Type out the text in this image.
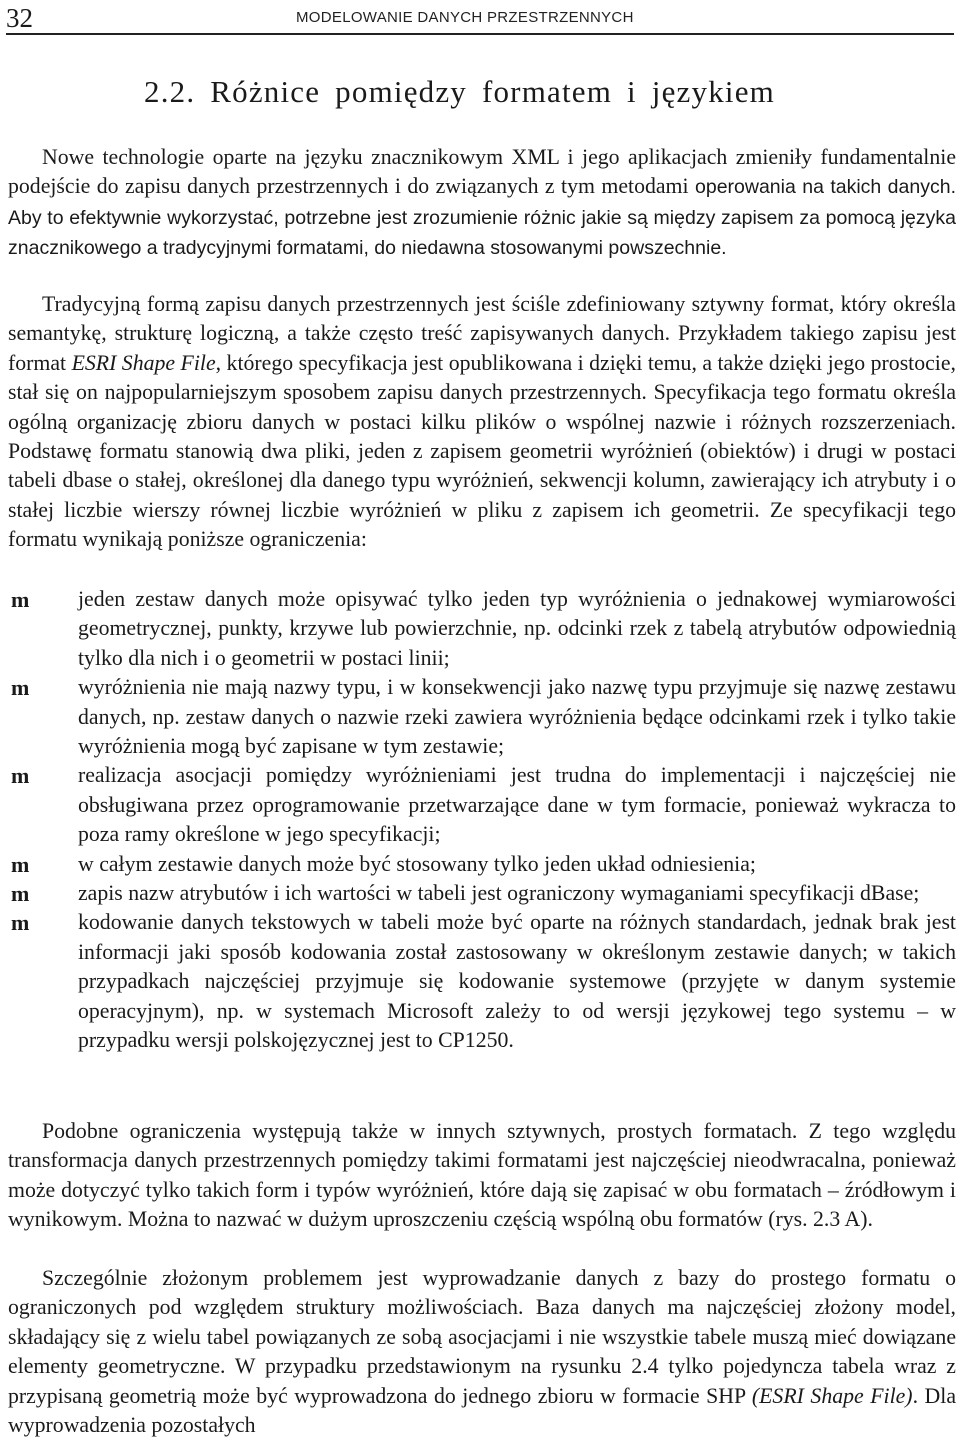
32	MODELOWANIE DANYCH PRZESTRZENNYCH
2.2. Różnice pomiędzy formatem i językiem

Nowe technologie oparte na języku znacznikowym XML i jego aplikacjach zmieniły fundamentalnie podejście do zapisu danych przestrzennych i do związanych z tym metodami operowania na takich danych. Aby to efektywnie wykorzystać, potrzebne jest zrozumienie różnic jakie są między zapisem za pomocą języka znacznikowego a tradycyjnymi formatami, do niedawna stosowanymi powszechnie.

Tradycyjną formą zapisu danych przestrzennych jest ściśle zdefiniowany sztywny format, który określa semantykę, strukturę logiczną, a także często treść zapisywanych danych. Przykładem takiego zapisu jest format ESRI Shape File, którego specyfikacja jest opublikowana i dzięki temu, a także dzięki jego prostocie, stał się on najpopularniejszym sposobem zapisu danych przestrzennych. Specyfikacja tego formatu określa ogólną organizację zbioru danych w postaci kilku plików o wspólnej nazwie i różnych rozszerzeniach. Podstawę formatu stanowią dwa pliki, jeden z zapisem geometrii wyróżnień (obiektów) i drugi w postaci tabeli dbase o stałej, określonej dla danego typu wyróżnień, sekwencji kolumn, zawierający ich atrybuty i o stałej liczbie wierszy równej liczbie wyróżnień w pliku z zapisem ich geometrii. Ze specyfikacji tego formatu wynikają poniższe ograniczenia:

m jeden zestaw danych może opisywać tylko jeden typ wyróżnienia o jednakowej wymiarowości geometrycznej, punkty, krzywe lub powierzchnie, np. odcinki rzek z tabelą atrybutów odpowiednią tylko dla nich i o geometrii w postaci linii;
m wyróżnienia nie mają nazwy typu, i w konsekwencji jako nazwę typu przyjmuje się nazwę zestawu danych, np. zestaw danych o nazwie rzeki zawiera wyróżnienia będące odcinkami rzek i tylko takie wyróżnienia mogą być zapisane w tym zestawie;
m realizacja asocjacji pomiędzy wyróżnieniami jest trudna do implementacji i najczęściej nie obsługiwana przez oprogramowanie przetwarzające dane w tym formacie, ponieważ wykracza to poza ramy określone w jego specyfikacji;
m w całym zestawie danych może być stosowany tylko jeden układ odniesienia;
m zapis nazw atrybutów i ich wartości w tabeli jest ograniczony wymaganiami specyfikacji dBase;
m kodowanie danych tekstowych w tabeli może być oparte na różnych standardach, jednak brak jest informacji jaki sposób kodowania został zastosowany w określonym zestawie danych; w takich przypadkach najczęściej przyjmuje się kodowanie systemowe (przyjęte w danym systemie operacyjnym), np. w systemach Microsoft zależy to od wersji językowej tego systemu – w przypadku wersji polskojęzycznej jest to CP1250.

Podobne ograniczenia występują także w innych sztywnych, prostych formatach. Z tego względu transformacja danych przestrzennych pomiędzy takimi formatami jest najczęściej nieodwracalna, ponieważ może dotyczyć tylko takich form i typów wyróżnień, które dają się zapisać w obu formatach – źródłowym i wynikowym. Można to nazwać w dużym uproszczeniu częścią wspólną obu formatów (rys. 2.3 A).

Szczególnie złożonym problemem jest wyprowadzanie danych z bazy do prostego formatu o ograniczonych pod względem struktury możliwościach. Baza danych ma najczęściej złożony model, składający się z wielu tabel powiązanych ze sobą asocjacjami i nie wszystkie tabele muszą mieć dowiązane elementy geometryczne. W przypadku przedstawionym na rysunku 2.4 tylko pojedyncza tabela wraz z przypisaną geometrią może być wyprowadzona do jednego zbioru w formacie SHP (ESRI Shape File). Dla wyprowadzenia pozostałych
